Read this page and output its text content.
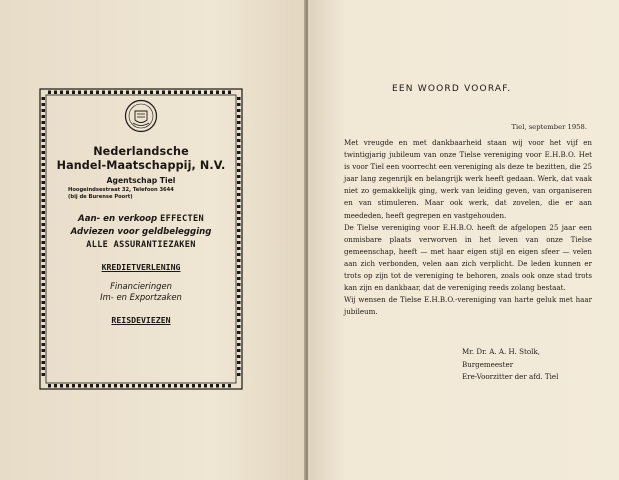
Nederlandsche
Handel-Maatschappij, N.V.
Agentschap Tiel
Hoogeindsestraat 32, Telefoon 3644
(bij de Burense Poort)
Aan- en verkoop EFFECTEN
Adviezen voor geldbelegging
ALLE ASSURANTIEZAKEN
KREDIETVERLENING
Financieringen
Im- en Exportzaken
REISDEVIEZEN
EEN WOORD VOORAF.
Tiel, september 1958.

Met vreugde en met dankbaarheid staan wij voor het vijf en twintigjarig jubileum van onze Tielse vereniging voor E.H.B.O. Het is voor Tiel een voorrecht een vereniging als deze te bezitten, die 25 jaar lang zegenrijk en belangrijk werk heeft gedaan. Werk, dat vaak niet zo gemakkelijk ging, werk van leiding geven, van organiseren en van stimuleren. Maar ook werk, dat zovelen, die er aan meededen, heeft gegrepen en vastgehouden.

De Tielse vereniging voor E.H.B.O. heeft de afgelopen 25 jaar een onmisbare plaats verworven in het leven van onze Tielse gemeenschap, heeft — met haar eigen stijl en eigen sfeer — velen aan zich verbonden, velen aan zich verplicht. De leden kunnen er trots op zijn tot de vereniging te behoren, zoals ook onze stad trots kan zijn en dankbaar, dat de vereniging reeds zolang bestaat.

Wij wensen de Tielse E.H.B.O.-vereniging van harte geluk met haar jubileum.

Mr. Dr. A. A. H. Stolk,
Burgemeester
Ere-Voorzitter der afd. Tiel
